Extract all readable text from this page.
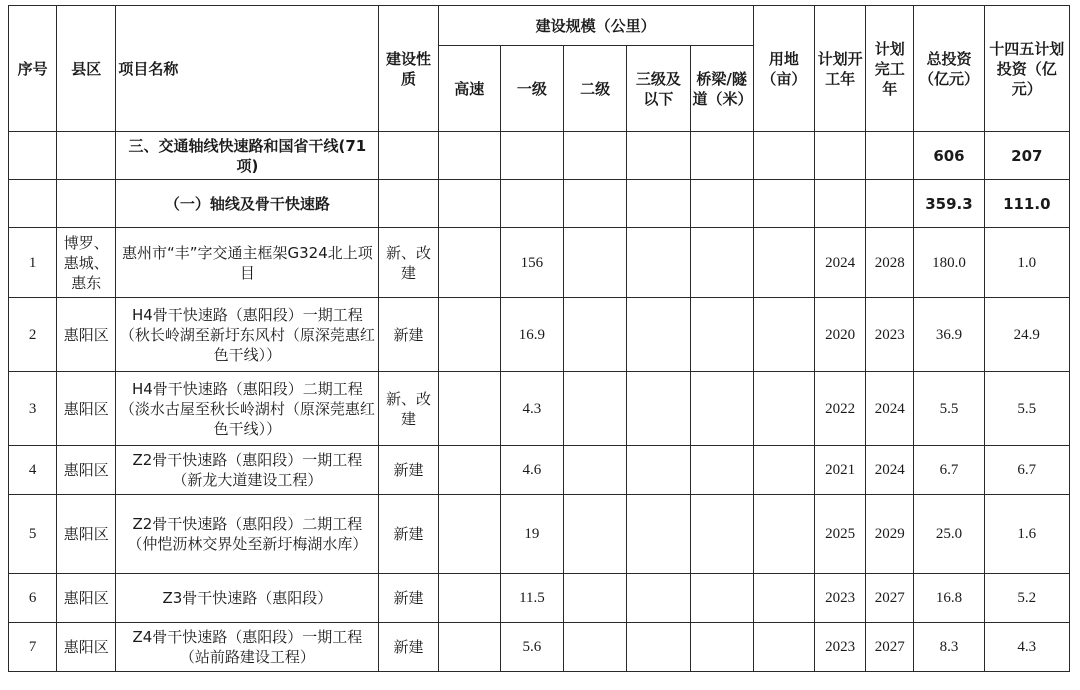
序号	县区	项目名称	建设性质	建设规模（公里）					用地（亩）	计划开工年	计划完工年	总投资（亿元）	十四五计划投资（亿元）
				高速	一级	二级	三级及以下	桥梁/隧道（米）					
		三、交通轴线快速路和国省干线(71项)										606	207
		（一）轴线及骨干快速路										359.3	111.0
1	博罗、惠城、惠东	惠州市“丰”字交通主框架G324北上项目	新、改建		156					2024	2028	180.0	1.0
2	惠阳区	H4骨干快速路（惠阳段）一期工程（秋长岭湖至新圩东风村（原深莞惠红色干线））	新建		16.9					2020	2023	36.9	24.9
3	惠阳区	H4骨干快速路（惠阳段）二期工程（淡水古屋至秋长岭湖村（原深莞惠红色干线））	新、改建		4.3					2022	2024	5.5	5.5
4	惠阳区	Z2骨干快速路（惠阳段）一期工程（新龙大道建设工程）	新建		4.6					2021	2024	6.7	6.7
5	惠阳区	Z2骨干快速路（惠阳段）二期工程（仲恺沥林交界处至新圩梅湖水库）	新建		19					2025	2029	25.0	1.6
6	惠阳区	Z3骨干快速路（惠阳段）	新建		11.5					2023	2027	16.8	5.2
7	惠阳区	Z4骨干快速路（惠阳段）一期工程（站前路建设工程）	新建		5.6					2023	2027	8.3	4.3
